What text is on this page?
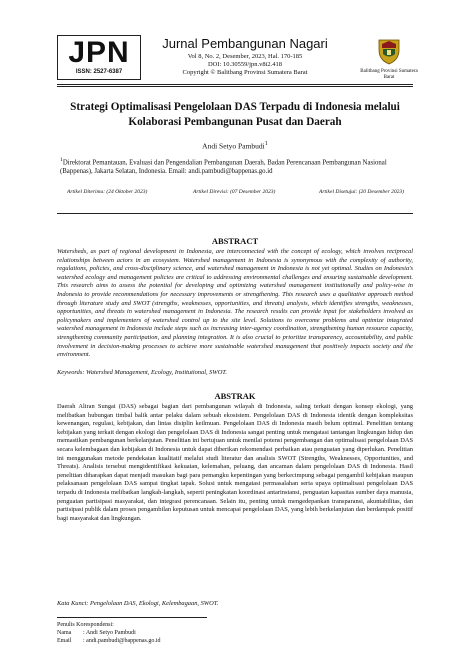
JPN
ISSN: 2527-6387
Jurnal Pembangunan Nagari
Vol 8, No. 2, Desember, 2023, Hal. 170-185
DOI: 10.30559/jpn.v8i2.418
Copyright © Balitbang Provinsi Sumatera Barat	Balitbang Provinsi Sumatera Barat
Strategi Optimalisasi Pengelolaan DAS Terpadu di Indonesia melalui Kolaborasi Pembangunan Pusat dan Daerah
Andi Setyo Pambudi$^1$
$^1$Direktorat Pemantauan, Evaluasi dan Pengendalian Pembangunan Daerah, Badan Perencanaan Pembangunan Nasional (Bappenas), Jakarta Selatan, Indonesia. Email: andi.pambudi@bappenas.go.id
Artikel Diterima: (24 Oktober 2023)	Artikel Direvisi: (07 Desember 2023)	Artikel Disetujui: (20 Desember 2023)
ABSTRACT
Watersheds, as part of regional development in Indonesia, are interconnected with the concept of ecology, which involves reciprocal relationships between actors in an ecosystem. Watershed management in Indonesia is synonymous with the complexity of authority, regulations, policies, and cross-disciplinary science, and watershed management in Indonesia is not yet optimal. Studies on Indonesia's watershed ecology and management policies are critical to addressing environmental challenges and ensuring sustainable development. This research aims to assess the potential for developing and optimizing watershed management institutionally and policy-wise in Indonesia to provide recommendations for necessary improvements or strengthening. This research uses a qualitative approach method through literature study and SWOT (strengths, weaknesses, opportunities, and threats) analysis, which identifies strengths, weaknesses, opportunities, and threats in watershed management in Indonesia. The research results can provide input for stakeholders involved as policymakers and implementers of watershed control up to the site level. Solutions to overcome problems and optimize integrated watershed management in Indonesia include steps such as increasing inter-agency coordination, strengthening human resource capacity, strengthening community participation, and planning integration. It is also crucial to prioritize transparency, accountability, and public involvement in decision-making processes to achieve more sustainable watershed management that positively impacts society and the environment.
Keywords: Watershed Management, Ecology, Institutional, SWOT.
ABSTRAK
Daerah Aliran Sungai (DAS) sebagai bagian dari pembangunan wilayah di Indonesia, saling terkait dengan konsep ekologi, yang melibatkan hubungan timbal balik antar pelaku dalam sebuah ekosistem. Pengelolaan DAS di Indonesia identik dengan kompleksitas kewenangan, regulasi, kebijakan, dan lintas disiplin keilmuan. Pengelolaan DAS di Indonesia masih belum optimal. Penelitian tentang kebijakan yang terkait dengan ekologi dan pengelolaan DAS di Indonesia sangat penting untuk mengatasi tantangan lingkungan hidup dan memastikan pembangunan berkelanjutan. Penelitian ini bertujuan untuk menilai potensi pengembangan dan optimalisasi pengelolaan DAS secara kelembagaan dan kebijakan di Indonesia untuk dapat diberikan rekomendasi perbaikan atau penguatan yang diperlukan. Penelitian ini menggunakan metode pendekatan kualitatif melalui studi literatur dan analisis SWOT (Strengths, Weaknesses, Opportunities, and Threats). Analisis tersebut mengidentifikasi kekuatan, kelemahan, peluang, dan ancaman dalam pengelolaan DAS di Indonesia. Hasil penelitian diharapkan dapat menjadi masukan bagi para pemangku kepentingan yang berkecimpung sebagai pengambil kebijakan maupun pelaksanaan pengelolaan DAS sampai tingkat tapak. Solusi untuk mengatasi permasalahan serta upaya optimalisasi pengelolaan DAS terpadu di Indonesia melibatkan langkah-langkah, seperti peningkatan koordinasi antarinstansi, penguatan kapasitas sumber daya manusia, penguatan partisipasi masyarakat, dan integrasi perencanaan. Selain itu, penting untuk mengedepankan transparansi, akuntabilitas, dan partisipasi publik dalam proses pengambilan keputusan untuk mencapai pengelolaan DAS, yang lebih berkelanjutan dan berdampak positif bagi masyarakat dan lingkungan.
Kata Kunci: Pengelolaan DAS, Ekologi, Kelembagaan, SWOT.
Penulis Korespondensi:
Nama	: Andi Setyo Pambudi
Email	: andi.pambudi@bappenas.go.id
